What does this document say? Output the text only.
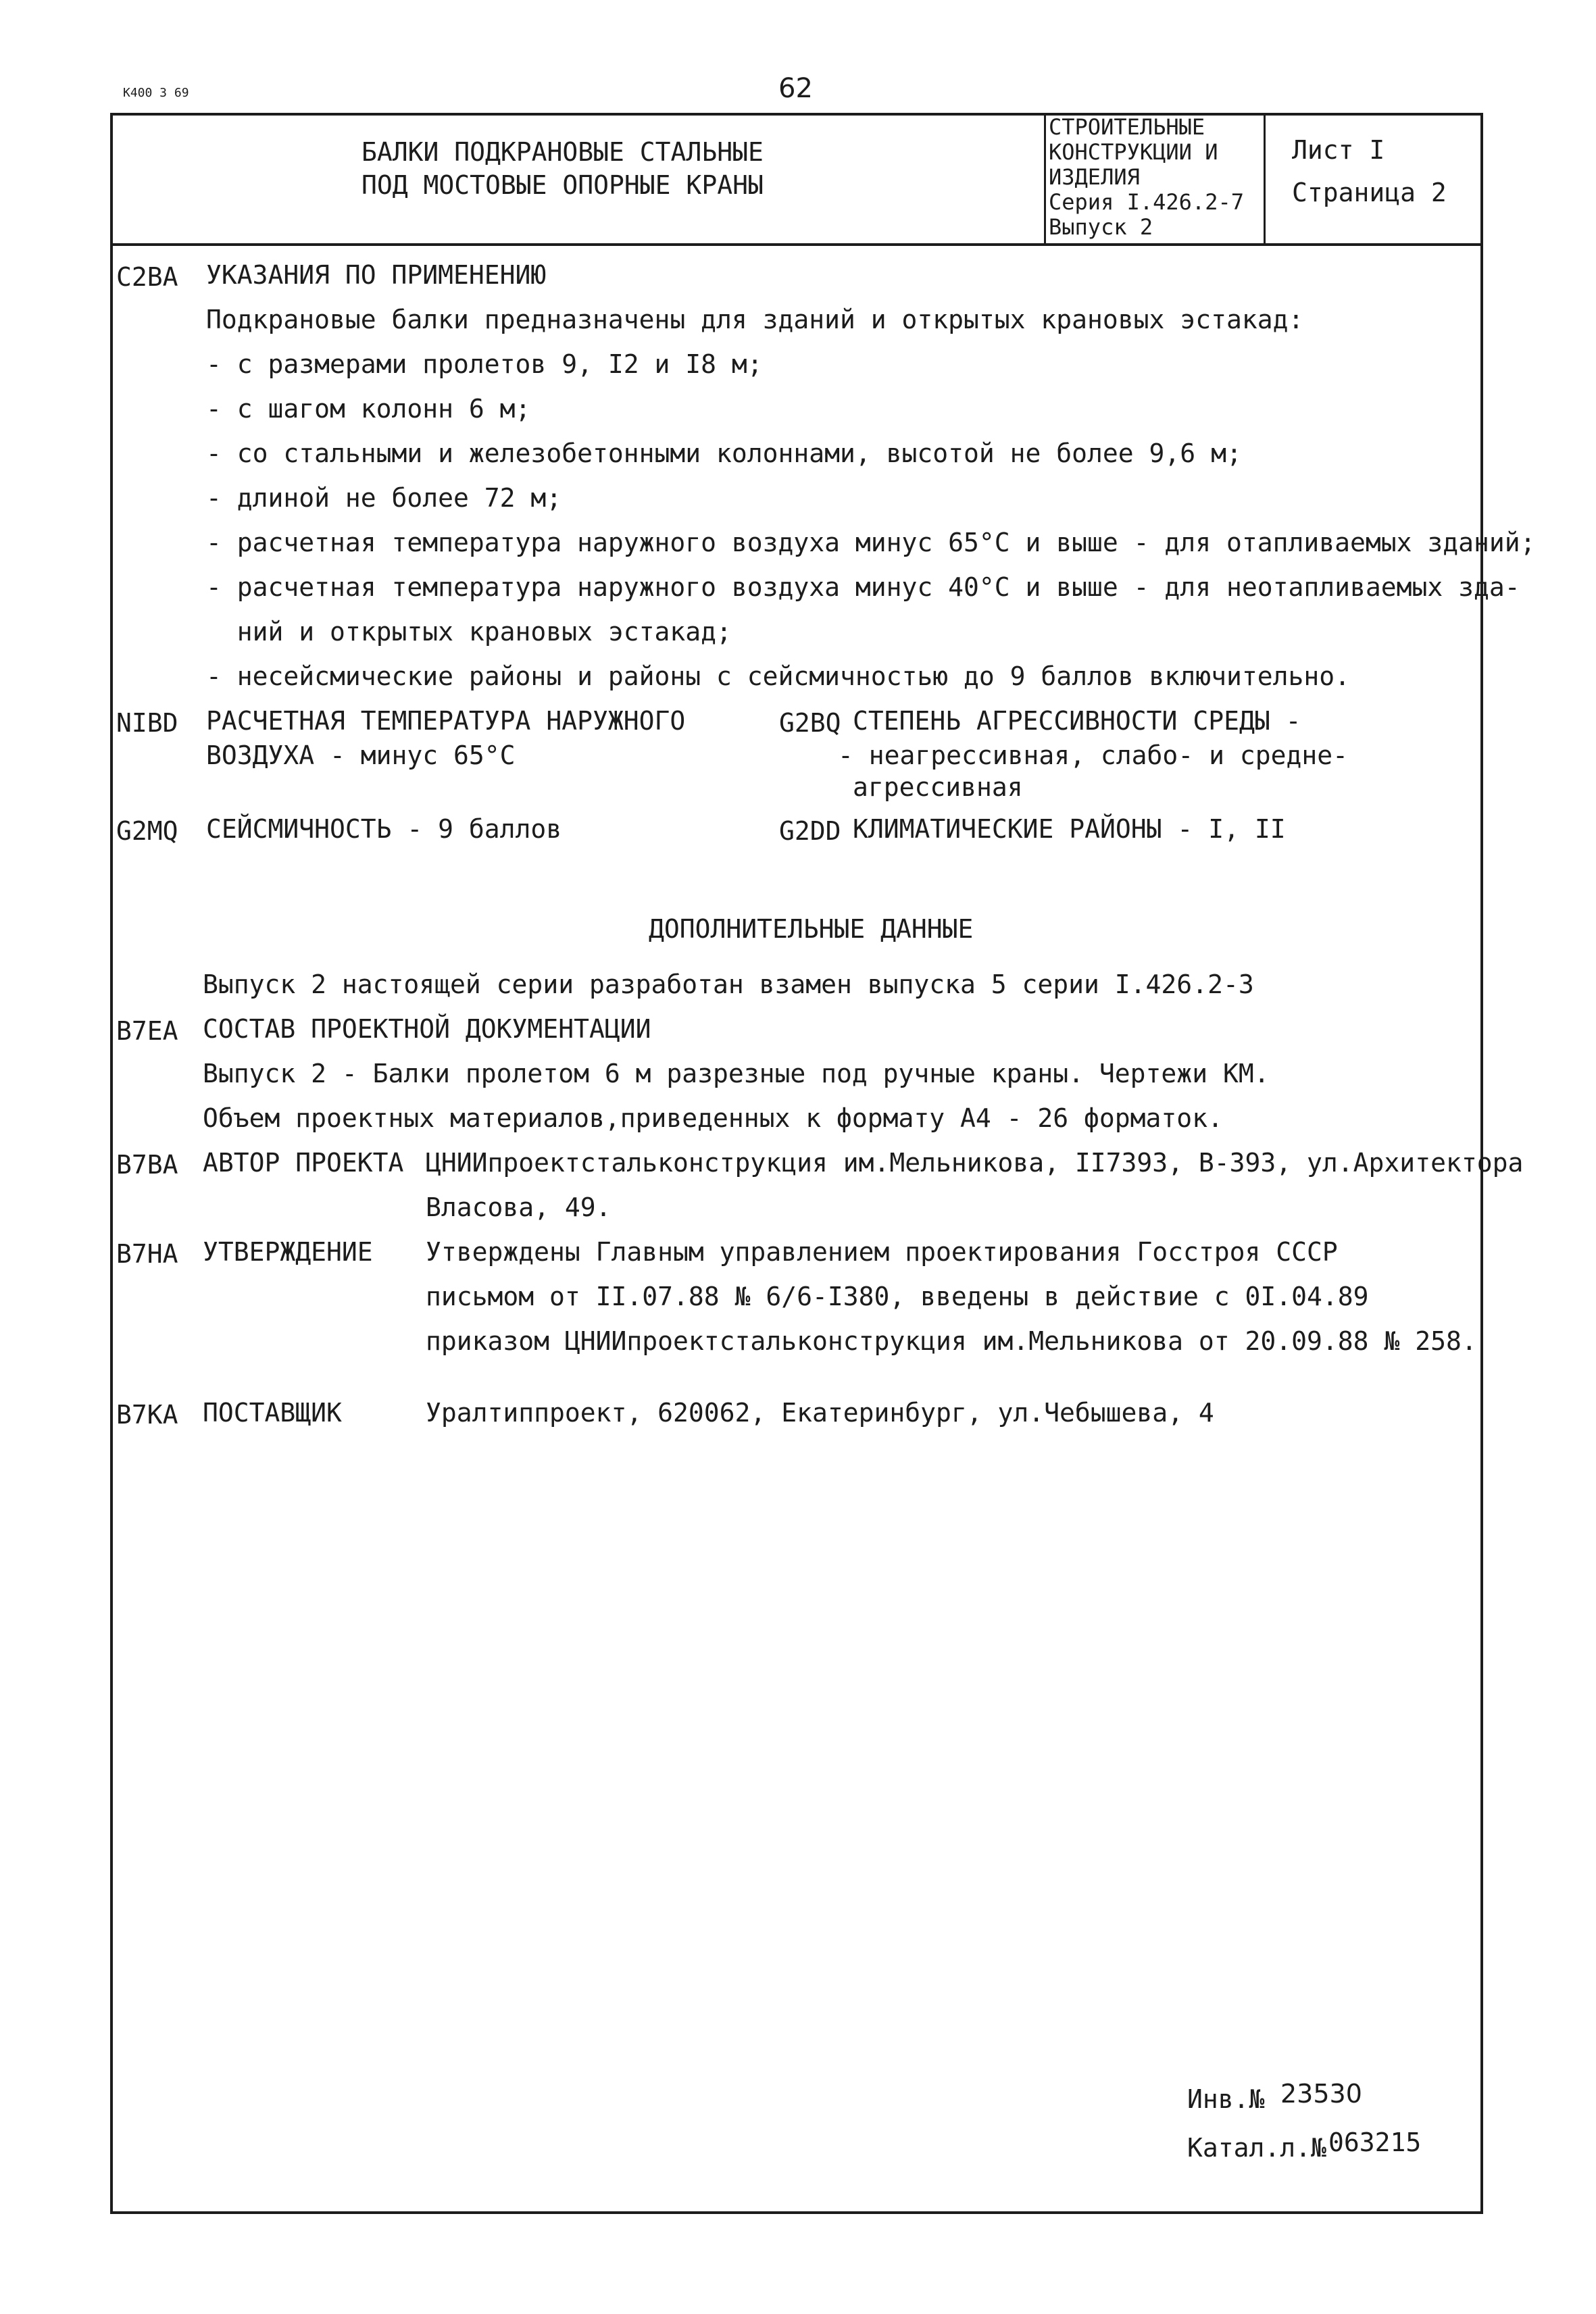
К400 3 69	62
БАЛКИ ПОДКРАНОВЫЕ СТАЛЬНЫЕ
ПОД МОСТОВЫЕ ОПОРНЫЕ КРАНЫ
СТРОИТЕЛЬНЫЕ
КОНСТРУКЦИИ И
ИЗДЕЛИЯ
Серия I.426.2-7
Выпуск 2
Лист I
Страница 2
C2BA УКАЗАНИЯ ПО ПРИМЕНЕНИЮ
Подкрановые балки предназначены для зданий и открытых крановых эстакад:
- с размерами пролетов 9, I2 и I8 м;
- с шагом колонн 6 м;
- со стальными и железобетонными колоннами, высотой не более 9,6 м;
- длиной не более 72 м;
- расчетная температура наружного воздуха минус 65°C и выше - для отапливаемых зданий;
- расчетная температура наружного воздуха минус 40°C и выше - для неотапливаемых зда-
ний и открытых крановых эстакад;
- несейсмические районы и районы с сейсмичностью до 9 баллов включительно.
NIBD РАСЧЕТНАЯ ТЕМПЕРАТУРА НАРУЖНОГО
ВОЗДУХА - минус 65°С
G2BQ СТЕПЕНЬ АГРЕССИВНОСТИ СРЕДЫ -
- неагрессивная, слабо- и средне-
агрессивная
G2MQ СЕЙСМИЧНОСТЬ - 9 баллов	G2DD КЛИМАТИЧЕСКИЕ РАЙОНЫ - I, II
ДОПОЛНИТЕЛЬНЫЕ ДАННЫЕ
Выпуск 2 настоящей серии разработан взамен выпуска 5 серии I.426.2-3
B7EA СОСТАВ ПРОЕКТНОЙ ДОКУМЕНТАЦИИ
Выпуск 2 - Балки пролетом 6 м разрезные под ручные краны. Чертежи КМ.
Объем проектных материалов,приведенных к формату А4 - 26 форматок.
B7BA АВТОР ПРОЕКТА ЦНИИпроектстальконструкция им.Мельникова, II7393, В-393, ул.Архитектора
Власова, 49.
B7HA УТВЕРЖДЕНИЕ Утверждены Главным управлением проектирования Госстроя СССР
письмом от II.07.88 № 6/6-I380, введены в действие с 0I.04.89
приказом ЦНИИпроектстальконструкция им.Мельникова от 20.09.88 № 258.
B7KA ПОСТАВЩИК	Уралтиппроект, 620062, Екатеринбург, ул.Чебышева, 4
Инв.№ 23530
Катал.л.№ 063215
